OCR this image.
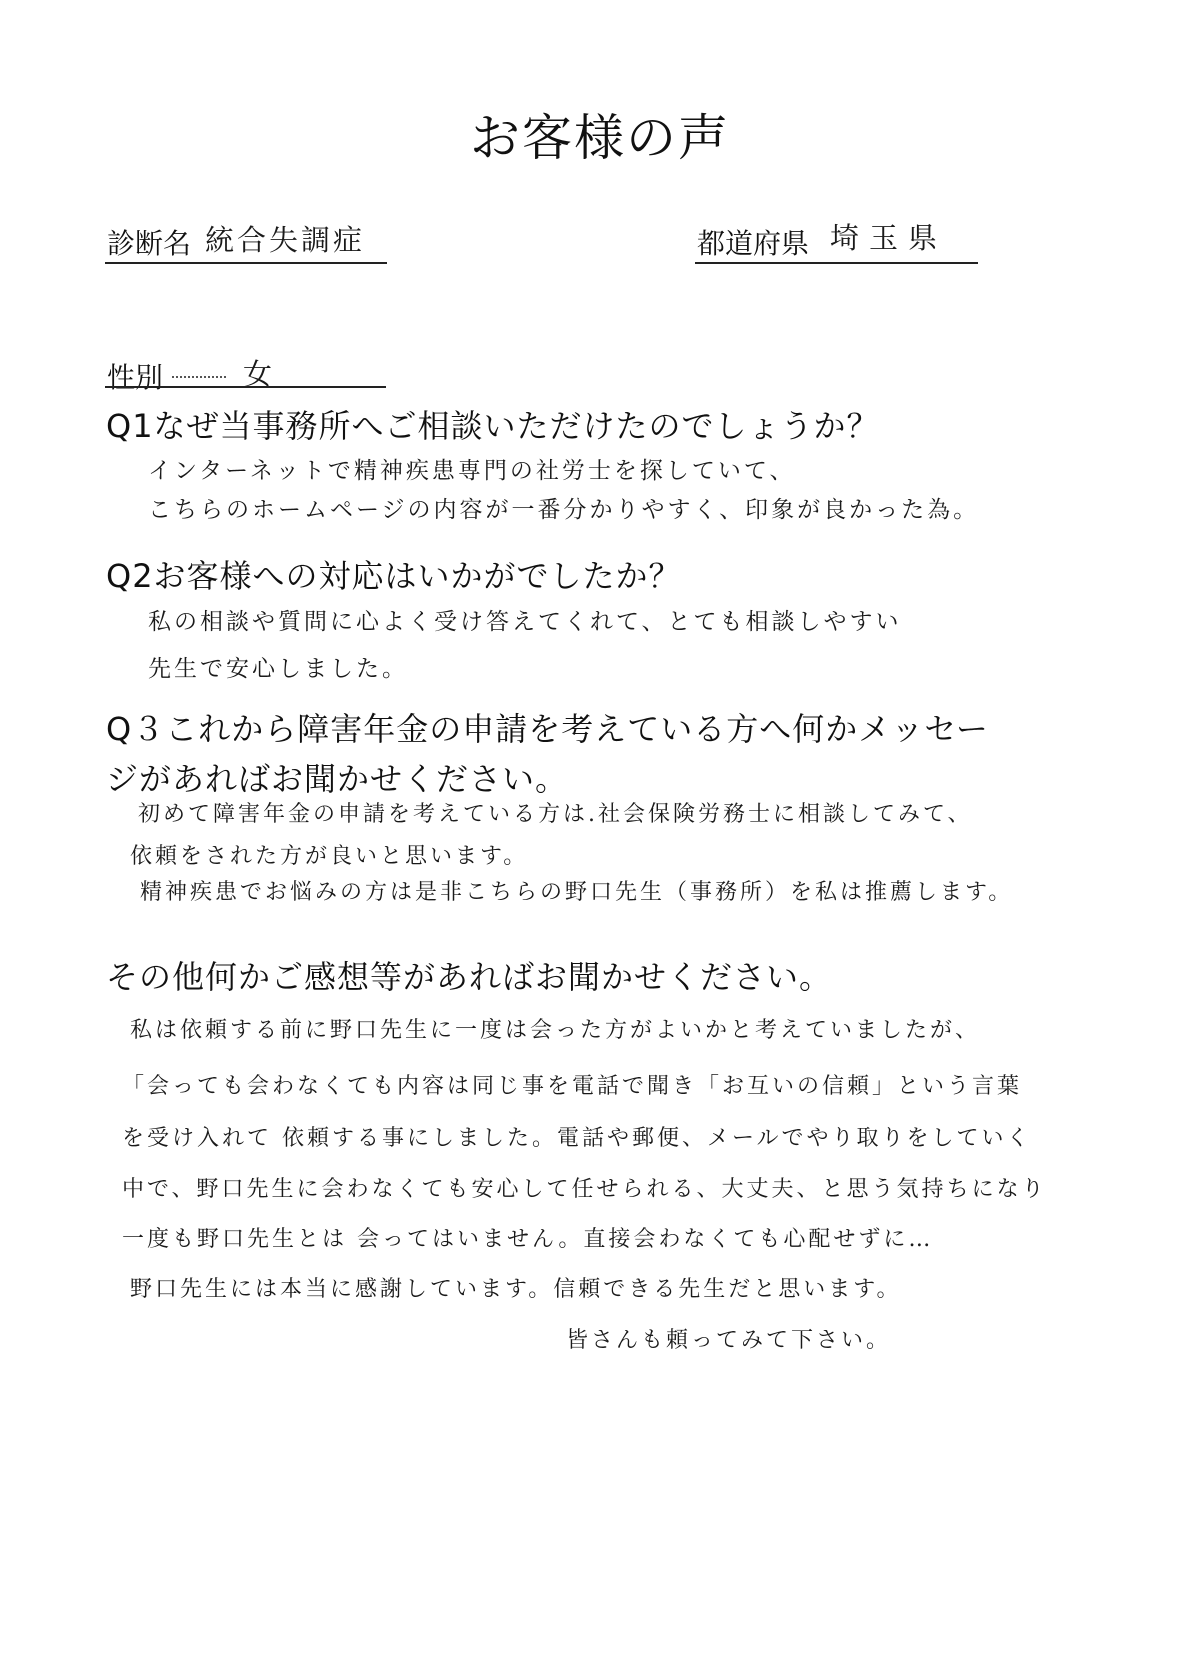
お客様の声
診断名 統合失調症	都道府県 埼玉県
性別	女
Q1なぜ当事務所へご相談いただけたのでしょうか？
インターネットで精神疾患専門の社労士を探していて、
こちらのホームページの内容が一番分かりやすく、印象が良かった為。
Q2お客様への対応はいかがでしたか？
私の相談や質問に心よく受け答えてくれて、とても相談しやすい
先生で安心しました。
Q３これから障害年金の申請を考えている方へ何かメッセー
ジがあればお聞かせください。
初めて障害年金の申請を考えている方は.社会保険労務士に相談してみて、
依頼をされた方が良いと思います。
精神疾患でお悩みの方は是非こちらの野口先生（事務所）を私は推薦します。
その他何かご感想等があればお聞かせください。
私は依頼する前に野口先生に一度は会った方がよいかと考えていましたが、
「会っても会わなくても内容は同じ事を電話で聞き「お互いの信頼」という言葉
を受け入れて 依頼する事にしました。電話や郵便、メールでやり取りをしていく
中で、野口先生に会わなくても安心して任せられる、大丈夫、と思う気持ちになり
一度も野口先生とは 会ってはいません。直接会わなくても心配せずに…
野口先生には本当に感謝しています。信頼できる先生だと思います。
皆さんも頼ってみて下さい。
